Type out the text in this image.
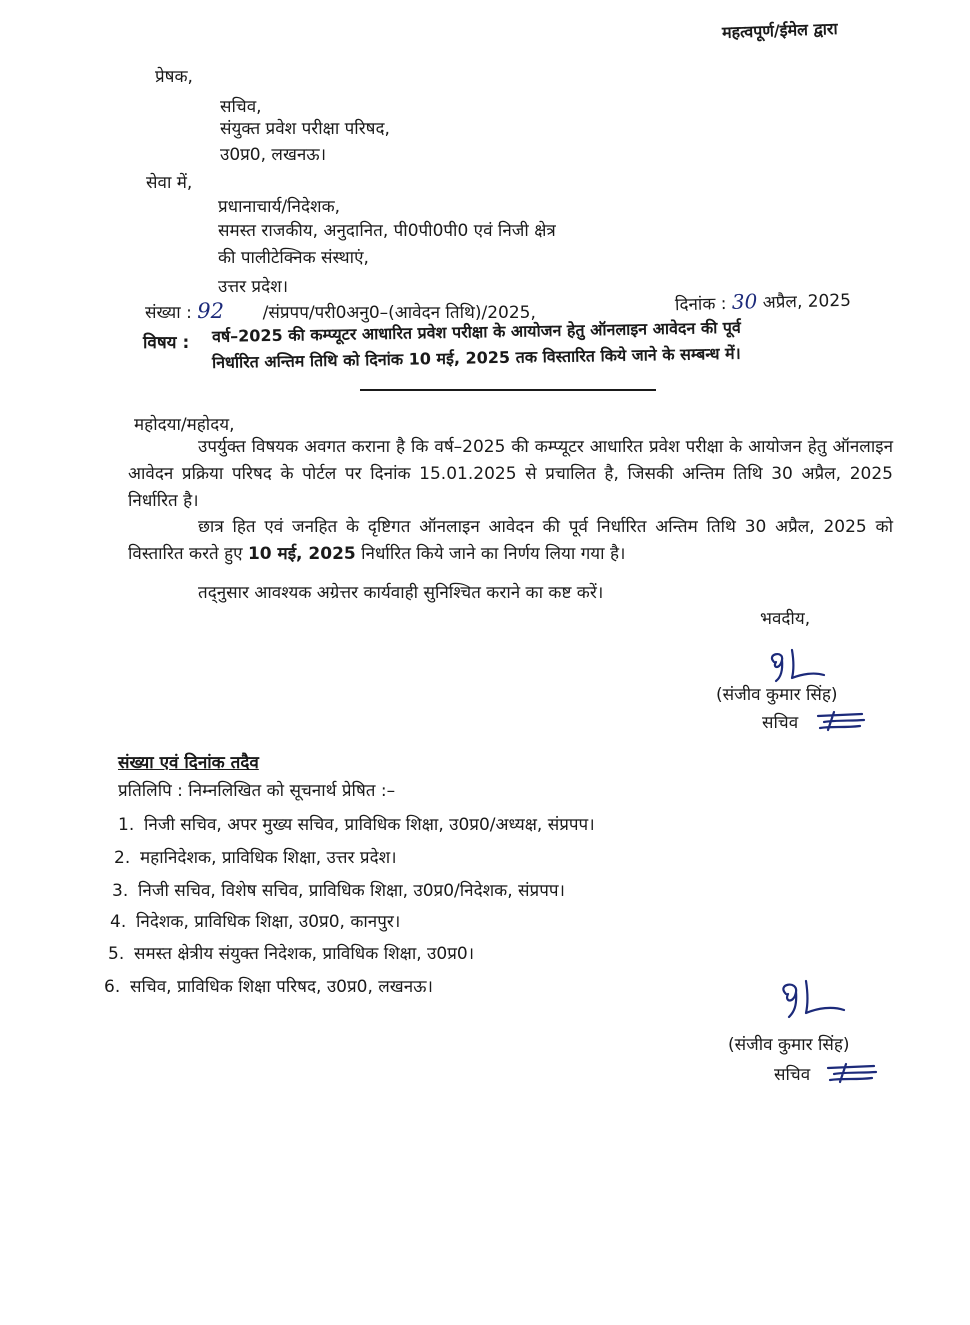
महत्वपूर्ण/ईमेल द्वारा
प्रेषक,
सचिव,
संयुक्त प्रवेश परीक्षा परिषद,
उ0प्र0, लखनऊ।
सेवा में,
प्रधानाचार्य/निदेशक,
समस्त राजकीय, अनुदानित, पी0पी0पी0 एवं निजी क्षेत्र
की पालीटेक्निक संस्थाएं,
उत्तर प्रदेश।
संख्या : 92 /संप्रपप/परी0अनु0–(आवेदन तिथि)/2025,	दिनांक : 30 अप्रैल, 2025
विषय : वर्ष–2025 की कम्प्यूटर आधारित प्रवेश परीक्षा के आयोजन हेतु ऑनलाइन आवेदन की पूर्व
निर्धारित अन्तिम तिथि को दिनांक 10 मई, 2025 तक विस्तारित किये जाने के सम्बन्ध में।
महोदया/महोदय,
उपर्युक्त विषयक अवगत कराना है कि वर्ष–2025 की कम्प्यूटर आधारित प्रवेश परीक्षा के आयोजन हेतु ऑनलाइन आवेदन प्रक्रिया परिषद के पोर्टल पर दिनांक 15.01.2025 से प्रचालित है, जिसकी अन्तिम तिथि 30 अप्रैल, 2025 निर्धारित है।
छात्र हित एवं जनहित के दृष्टिगत ऑनलाइन आवेदन की पूर्व निर्धारित अन्तिम तिथि 30 अप्रैल, 2025 को विस्तारित करते हुए 10 मई, 2025 निर्धारित किये जाने का निर्णय लिया गया है।
तद्नुसार आवश्यक अग्रेत्तर कार्यवाही सुनिश्चित कराने का कष्ट करें।
भवदीय,
(संजीव कुमार सिंह)
सचिव
संख्या एवं दिनांक तदैव
प्रतिलिपि : निम्नलिखित को सूचनार्थ प्रेषित :–
1. निजी सचिव, अपर मुख्य सचिव, प्राविधिक शिक्षा, उ0प्र0/अध्यक्ष, संप्रपप।
2. महानिदेशक, प्राविधिक शिक्षा, उत्तर प्रदेश।
3. निजी सचिव, विशेष सचिव, प्राविधिक शिक्षा, उ0प्र0/निदेशक, संप्रपप।
4. निदेशक, प्राविधिक शिक्षा, उ0प्र0, कानपुर।
5. समस्त क्षेत्रीय संयुक्त निदेशक, प्राविधिक शिक्षा, उ0प्र0।
6. सचिव, प्राविधिक शिक्षा परिषद, उ0प्र0, लखनऊ।
(संजीव कुमार सिंह)
सचिव
